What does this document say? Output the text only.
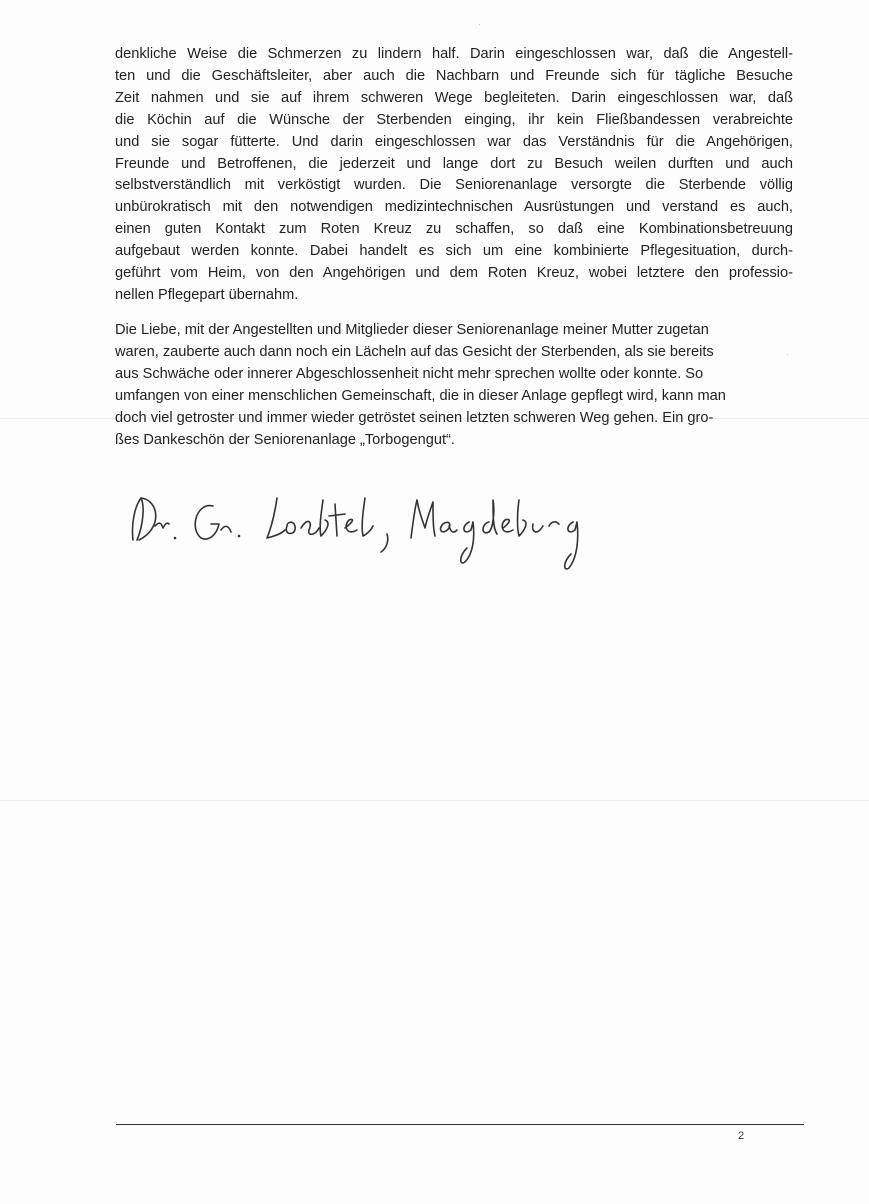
·
·
denkliche Weise die Schmerzen zu lindern half. Darin eingeschlossen war, daß die Angestell-
ten und die Geschäftsleiter, aber auch die Nachbarn und Freunde sich für tägliche Besuche
Zeit nahmen und sie auf ihrem schweren Wege begleiteten. Darin eingeschlossen war, daß
die Köchin auf die Wünsche der Sterbenden einging, ihr kein Fließbandessen verabreichte
und sie sogar fütterte. Und darin eingeschlossen war das Verständnis für die Angehörigen,
Freunde und Betroffenen, die jederzeit und lange dort zu Besuch weilen durften und auch
selbstverständlich mit verköstigt wurden. Die Seniorenanlage versorgte die Sterbende völlig
unbürokratisch mit den notwendigen medizintechnischen Ausrüstungen und verstand es auch,
einen guten Kontakt zum Roten Kreuz zu schaffen, so daß eine Kombinationsbetreuung
aufgebaut werden konnte. Dabei handelt es sich um eine kombinierte Pflegesituation, durch-
geführt vom Heim, von den Angehörigen und dem Roten Kreuz, wobei letztere den professio-
nellen Pflegepart übernahm.
Die Liebe, mit der Angestellten und Mitglieder dieser Seniorenanlage meiner Mutter zugetan
waren, zauberte auch dann noch ein Lächeln auf das Gesicht der Sterbenden, als sie bereits
aus Schwäche oder innerer Abgeschlossenheit nicht mehr sprechen wollte oder konnte. So
umfangen von einer menschlichen Gemeinschaft, die in dieser Anlage gepflegt wird, kann man
doch viel getroster und immer wieder getröstet seinen letzten schweren Weg gehen. Ein gro-
ßes Dankeschön der Seniorenanlage „Torbogengut“.
2
